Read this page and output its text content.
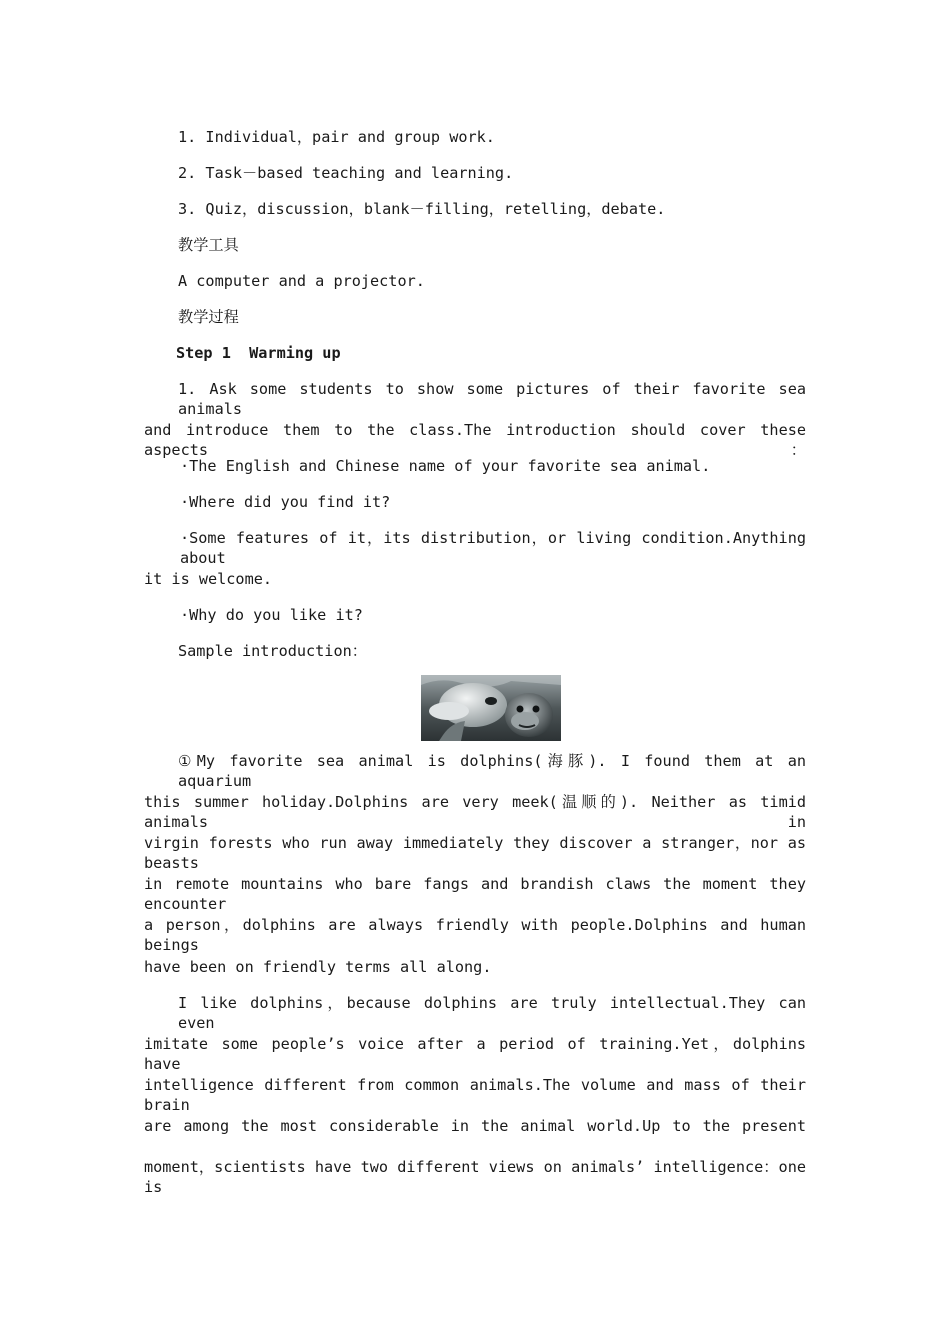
1. Individual，pair and group work.
2. Task－based teaching and learning.
3. Quiz，discussion，blank－filling，retelling，debate.
教学工具
A computer and a projector.
教学过程
Step 1  Warming up
1. Ask some students to show some pictures of their favorite sea animals
and introduce them to the class.The introduction should cover these aspects：
·The English and Chinese name of your favorite sea animal.
·Where did you find it?
·Some features of it，its distribution，or living condition.Anything about
it is welcome.
·Why do you like it?
Sample introduction：
①My favorite sea animal is dolphins(海豚). I found them at an aquarium
this summer holiday.Dolphins are very meek(温顺的). Neither as timid animals in
virgin forests who run away immediately they discover a stranger，nor as beasts
in remote mountains who bare fangs and brandish claws the moment they encounter
a person，dolphins are always friendly with people.Dolphins and human beings
have been on friendly terms all along.
I like dolphins，because dolphins are truly intellectual.They can even
imitate some people’s voice after a period of training.Yet，dolphins have
intelligence different from common animals.The volume and mass of their brain
are among the most considerable in the animal world.Up to the present
moment，scientists have two different views on animals’ intelligence：one is
